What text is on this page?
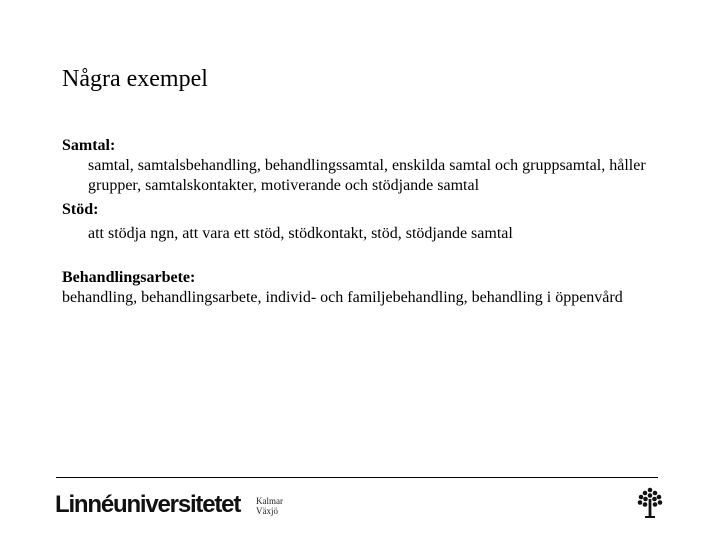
Några exempel
Samtal:
samtal, samtalsbehandling, behandlingssamtal, enskilda samtal och gruppsamtal, håller grupper, samtalskontakter, motiverande och stödjande samtal
Stöd:
att stödja ngn, att vara ett stöd, stödkontakt, stöd, stödjande samtal
Behandlingsarbete:
behandling, behandlingsarbete, individ- och familjebehandling, behandling i öppenvård
Linnéuniversitetet Kalmar
Växjö
